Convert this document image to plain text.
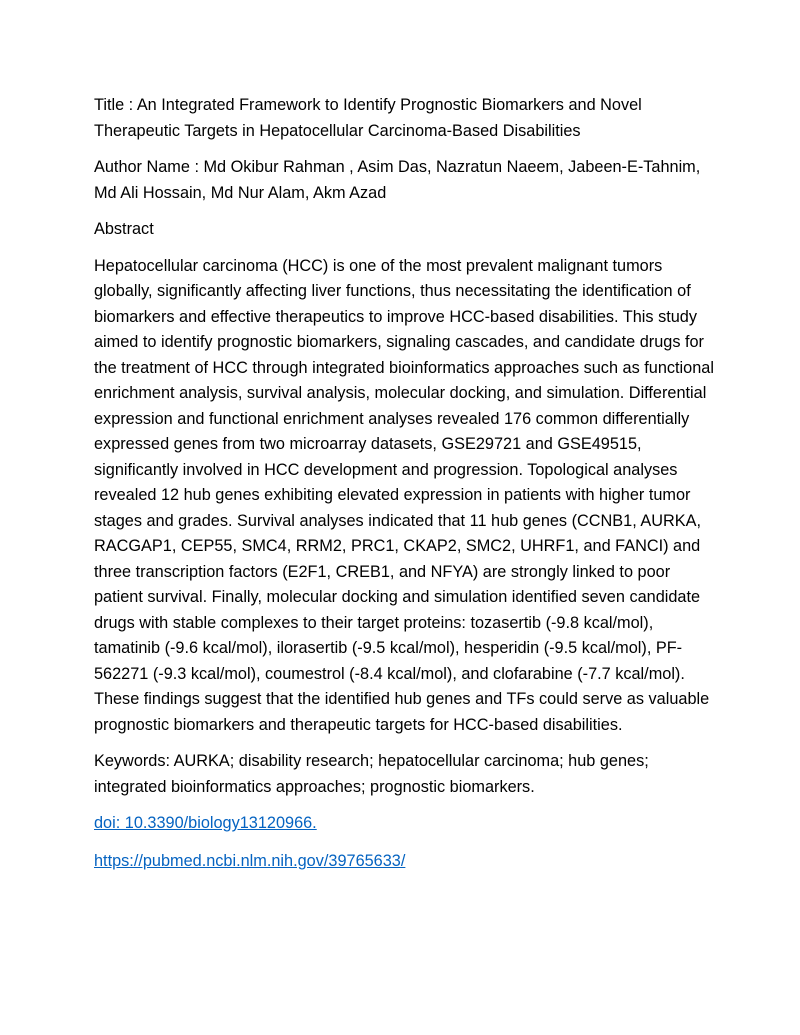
Title : An Integrated Framework to Identify Prognostic Biomarkers and Novel Therapeutic Targets in Hepatocellular Carcinoma-Based Disabilities

Author Name : Md Okibur Rahman , Asim Das, Nazratun Naeem, Jabeen-E-Tahnim, Md Ali Hossain, Md Nur Alam, Akm Azad

Abstract

Hepatocellular carcinoma (HCC) is one of the most prevalent malignant tumors globally, significantly affecting liver functions, thus necessitating the identification of biomarkers and effective therapeutics to improve HCC-based disabilities. This study aimed to identify prognostic biomarkers, signaling cascades, and candidate drugs for the treatment of HCC through integrated bioinformatics approaches such as functional enrichment analysis, survival analysis, molecular docking, and simulation. Differential expression and functional enrichment analyses revealed 176 common differentially expressed genes from two microarray datasets, GSE29721 and GSE49515, significantly involved in HCC development and progression. Topological analyses revealed 12 hub genes exhibiting elevated expression in patients with higher tumor stages and grades. Survival analyses indicated that 11 hub genes (CCNB1, AURKA, RACGAP1, CEP55, SMC4, RRM2, PRC1, CKAP2, SMC2, UHRF1, and FANCI) and three transcription factors (E2F1, CREB1, and NFYA) are strongly linked to poor patient survival. Finally, molecular docking and simulation identified seven candidate drugs with stable complexes to their target proteins: tozasertib (-9.8 kcal/mol), tamatinib (-9.6 kcal/mol), ilorasertib (-9.5 kcal/mol), hesperidin (-9.5 kcal/mol), PF-562271 (-9.3 kcal/mol), coumestrol (-8.4 kcal/mol), and clofarabine (-7.7 kcal/mol). These findings suggest that the identified hub genes and TFs could serve as valuable prognostic biomarkers and therapeutic targets for HCC-based disabilities.

Keywords: AURKA; disability research; hepatocellular carcinoma; hub genes; integrated bioinformatics approaches; prognostic biomarkers.

doi: 10.3390/biology13120966.

https://pubmed.ncbi.nlm.nih.gov/39765633/
